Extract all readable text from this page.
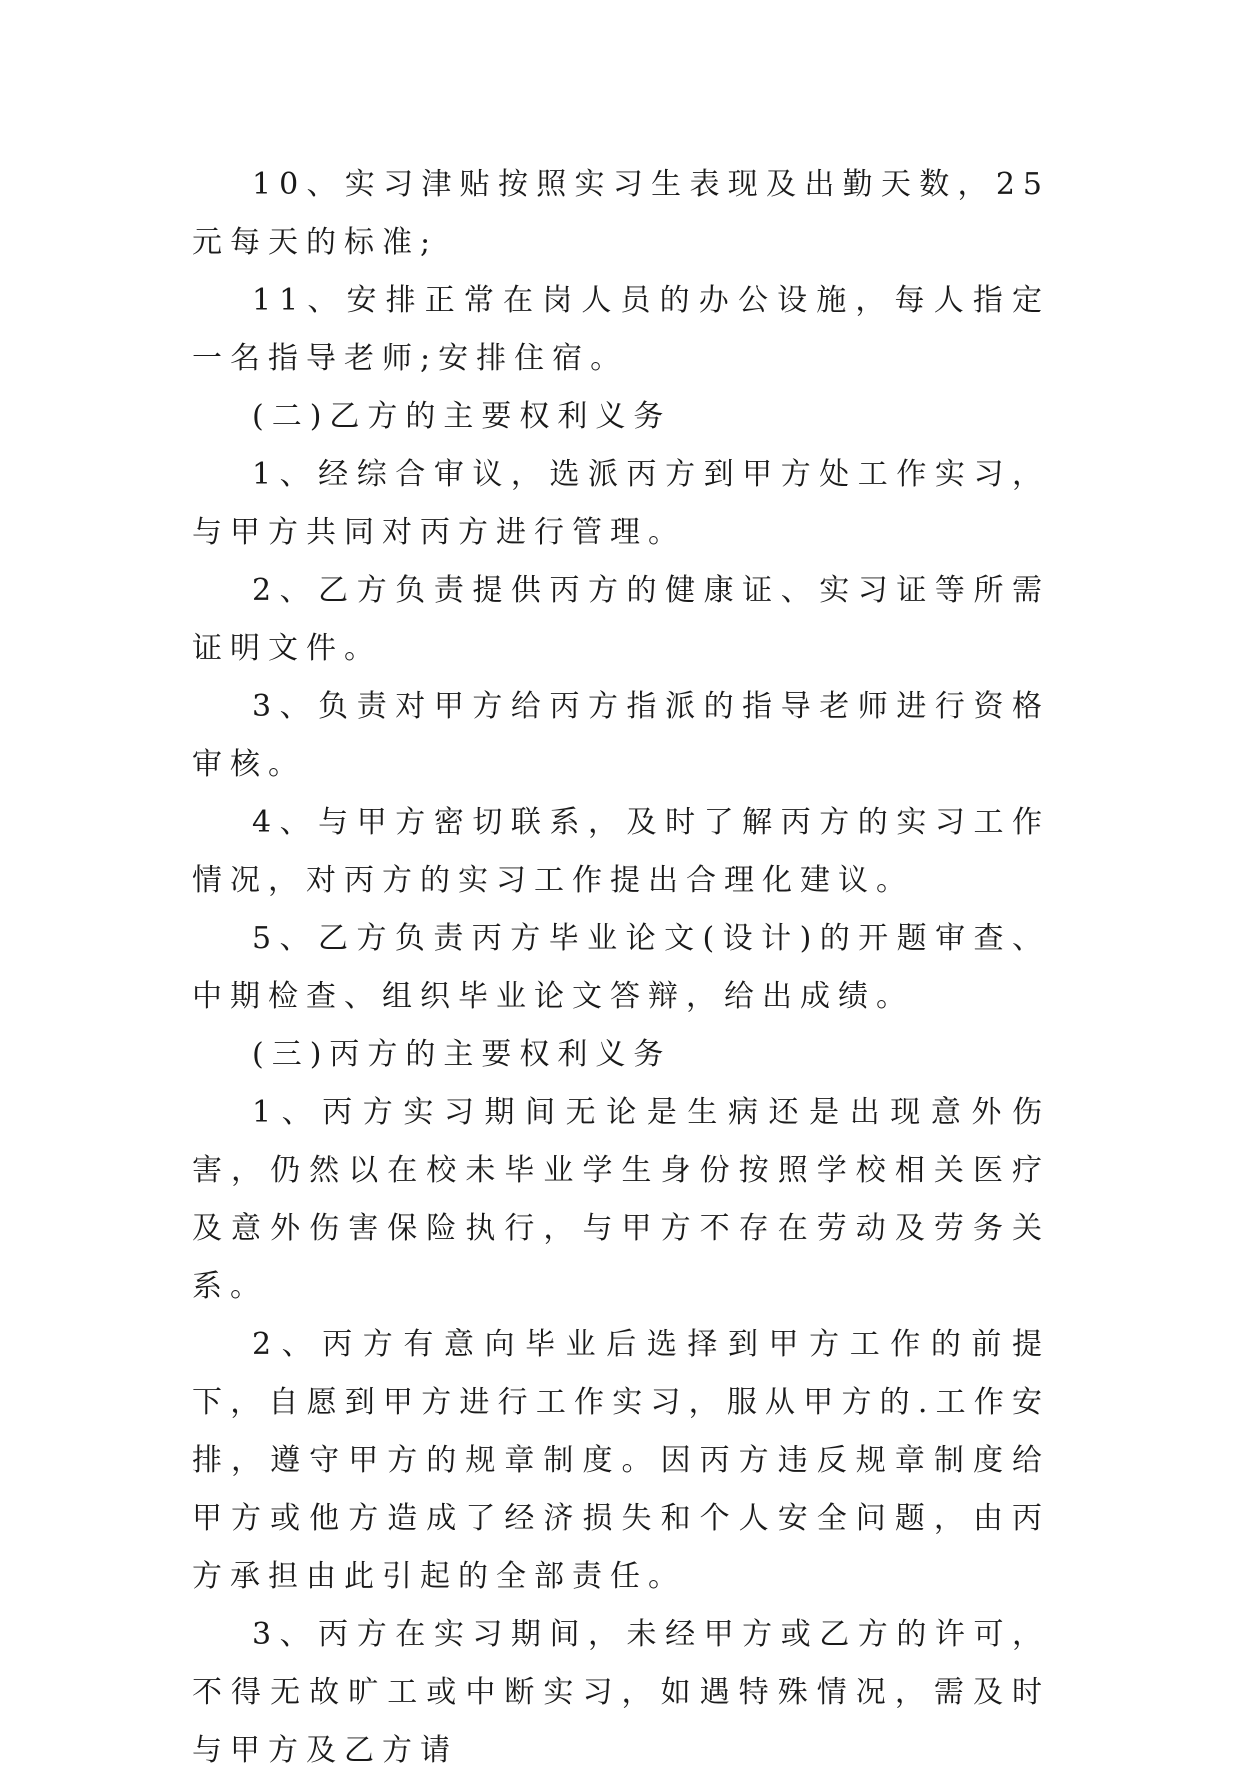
10、实习津贴按照实习生表现及出勤天数，25元每天的标准;

11、安排正常在岗人员的办公设施，每人指定一名指导老师;安排住宿。

(二)乙方的主要权利义务

1、经综合审议，选派丙方到甲方处工作实习，与甲方共同对丙方进行管理。

2、乙方负责提供丙方的健康证、实习证等所需证明文件。

3、负责对甲方给丙方指派的指导老师进行资格审核。

4、与甲方密切联系，及时了解丙方的实习工作情况，对丙方的实习工作提出合理化建议。

5、乙方负责丙方毕业论文(设计)的开题审查、中期检查、组织毕业论文答辩，给出成绩。

(三)丙方的主要权利义务

1、丙方实习期间无论是生病还是出现意外伤害，仍然以在校未毕业学生身份按照学校相关医疗及意外伤害保险执行，与甲方不存在劳动及劳务关系。

2、丙方有意向毕业后选择到甲方工作的前提下，自愿到甲方进行工作实习，服从甲方的.工作安排，遵守甲方的规章制度。因丙方违反规章制度给甲方或他方造成了经济损失和个人安全问题，由丙方承担由此引起的全部责任。

3、丙方在实习期间，未经甲方或乙方的许可，不得无故旷工或中断实习，如遇特殊情况，需及时与甲方及乙方请
